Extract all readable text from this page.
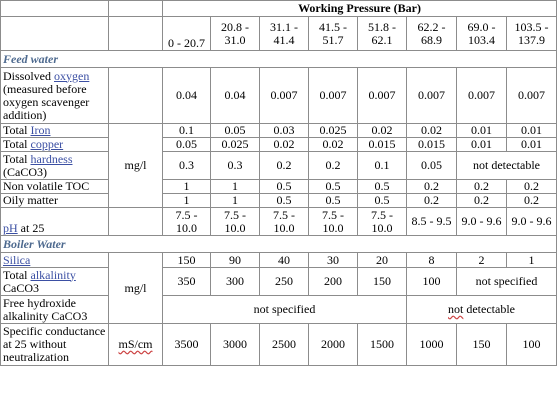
		Working Pressure (Bar)							
		0 - 20.7	20.8 - 31.0	31.1 - 41.4	41.5 - 51.7	51.8 - 62.1	62.2 - 68.9	69.0 - 103.4	103.5 - 137.9
Feed water									
Dissolved oxygen
(measured before oxygen scavenger addition)		0.04	0.04	0.007	0.007	0.007	0.007	0.007	0.007
Total Iron	mg/l	0.1	0.05	0.03	0.025	0.02	0.02	0.01	0.01
Total copper		0.05	0.025	0.02	0.02	0.015	0.015	0.01	0.01
Total hardness
(CaCO3)		0.3	0.3	0.2	0.2	0.1	0.05	not detectable	
Non volatile TOC		1	1	0.5	0.5	0.5	0.2	0.2	0.2
Oily matter		1	1	0.5	0.5	0.5	0.2	0.2	0.2
pH at 25		7.5 - 10.0	7.5 - 10.0	7.5 - 10.0	7.5 - 10.0	7.5 - 10.0	8.5 - 9.5	9.0 - 9.6	9.0 - 9.6
Boiler Water									
Silica	mg/l	150	90	40	30	20	8	2	1
Total alkalinity
CaCO3		350	300	250	200	150	100	not specified	
Free hydroxide alkalinity CaCO3		not specified					not detectable		
Specific conductance at 25 without neutralization	mS/cm	3500	3000	2500	2000	1500	1000	150	100
